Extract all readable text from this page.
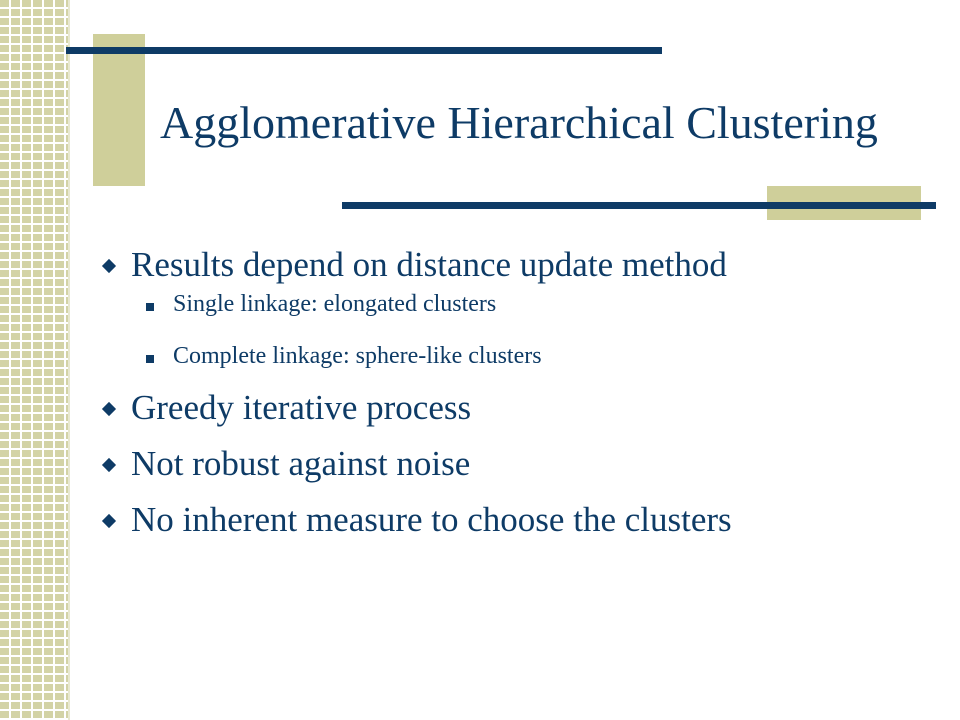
Agglomerative Hierarchical Clustering
Results depend on distance update method
Single linkage: elongated clusters
Complete linkage: sphere-like clusters
Greedy iterative process
Not robust against noise
No inherent measure to choose the clusters
